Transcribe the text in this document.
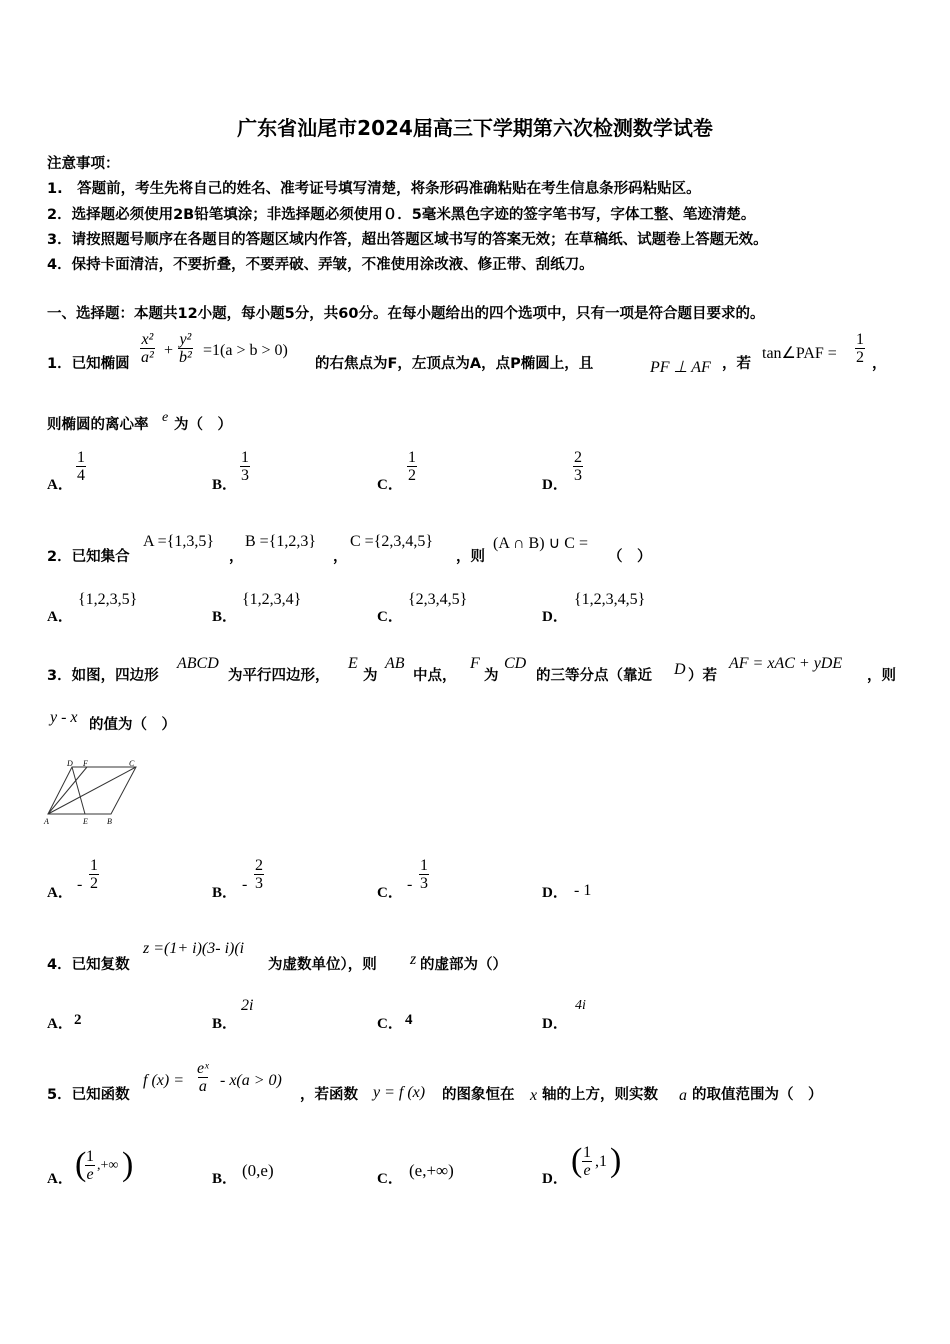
广东省汕尾市2024届高三下学期第六次检测数学试卷
注意事项：
1.　答题前，考生先将自己的姓名、准考证号填写清楚，将条形码准确粘贴在考生信息条形码粘贴区。
2．选择题必须使用2B铅笔填涂；非选择题必须使用０．5毫米黑色字迹的签字笔书写，字体工整、笔迹清楚。
3．请按照题号顺序在各题目的答题区域内作答，超出答题区域书写的答案无效；在草稿纸、试题卷上答题无效。
4．保持卡面清洁，不要折叠，不要弄破、弄皱，不准使用涂改液、修正带、刮纸刀。
一、选择题：本题共12小题，每小题5分，共60分。在每小题给出的四个选项中，只有一项是符合题目要求的。
1．已知椭圆 $\frac{\text{x²}}{\text{a²}} + \frac{\text{y²}}{\text{b²}} =1(a > b > 0)$
的右焦点为F，左顶点为A，点P椭圆上，且	PF ⊥ AF ，若
tan∠PAF = $\frac{1}{2}$ ，
则椭圆的离心率 e 为（　）
A．
$\frac{1}{4}$
B．
$\frac{1}{3}$
C．
$\frac{1}{2}$
D．
$\frac{2}{3}$
2．已知集合
A ={1,3,5}
，
B ={1,2,3}
，
C ={2,3,4,5}
，则
(A ∩ B) ∪ C =
（　）
A．
{1,2,3,5}
B．
{1,2,3,4}
C．
{2,3,4,5}
D．
{1,2,3,4,5}
3．如图，四边形
ABCD
为平行四边形，
E
为
AB
中点，
F
为
CD
的三等分点（靠近 D ）若
AF = xAC + yDE
，则
y - x 的值为（　）
D F	C
A	E B
A． - $\frac{1}{2}$
B． - $\frac{2}{3}$
C． - $\frac{1}{3}$
D． - 1
4．已知复数
z =(1+ i)(3- i)(i
为虚数单位），则 z 的虚部为（）
A． 2	B．
2i
C． 4	D．
4i
5．已知函数
f $(x) = \frac{\text{eˣ}}{a} - x(a > 0)$
，若函数 y = f (x) 的图象恒在 x 轴的上方，则实数 a 的取值范围为（　）
A． (
$\frac{1}{e}$ ,+∞ )	B． (0,e)	C． (e,+∞)	D． ( $\frac{1}{e} ,1$ )
